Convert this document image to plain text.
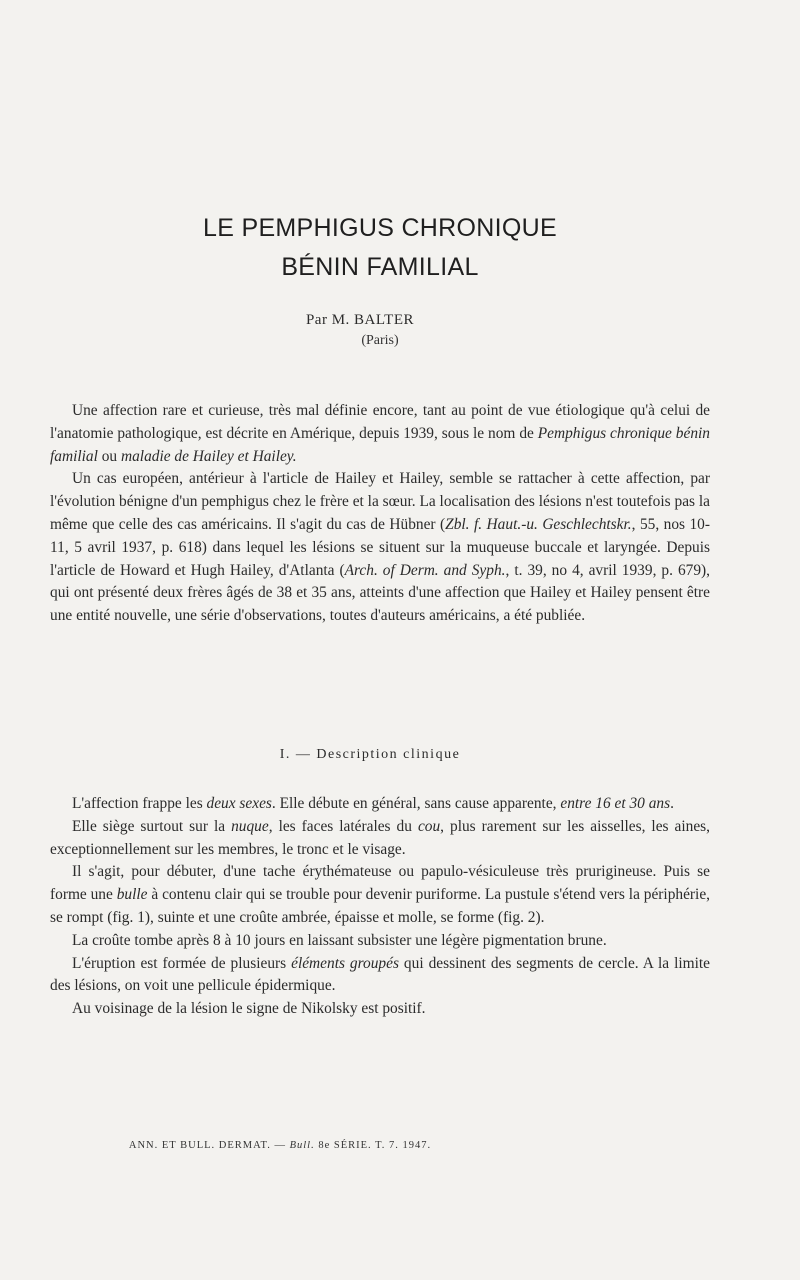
LE PEMPHIGUS CHRONIQUE
BÉNIN FAMILIAL
Par M. BALTER
(Paris)

Une affection rare et curieuse, très mal définie encore, tant au point de vue étiologique qu'à celui de l'anatomie pathologique, est décrite en Amérique, depuis 1939, sous le nom de Pemphigus chronique bénin familial ou maladie de Hailey et Hailey.

Un cas européen, antérieur à l'article de Hailey et Hailey, semble se rattacher à cette affection, par l'évolution bénigne d'un pemphigus chez le frère et la sœur. La localisation des lésions n'est toutefois pas la même que celle des cas américains. Il s'agit du cas de Hübner (Zbl. f. Haut.-u. Geschlechtskr., 55, nos 10-11, 5 avril 1937, p. 618) dans lequel les lésions se situent sur la muqueuse buccale et laryngée. Depuis l'article de Howard et Hugh Hailey, d'Atlanta (Arch. of Derm. and Syph., t. 39, no 4, avril 1939, p. 679), qui ont présenté deux frères âgés de 38 et 35 ans, atteints d'une affection que Hailey et Hailey pensent être une entité nouvelle, une série d'observations, toutes d'auteurs américains, a été publiée.

I. — Description clinique

L'affection frappe les deux sexes. Elle débute en général, sans cause apparente, entre 16 et 30 ans.

Elle siège surtout sur la nuque, les faces latérales du cou, plus rarement sur les aisselles, les aines, exceptionnellement sur les membres, le tronc et le visage.

Il s'agit, pour débuter, d'une tache érythémateuse ou papulo-vésiculeuse très prurigineuse. Puis se forme une bulle à contenu clair qui se trouble pour devenir puriforme. La pustule s'étend vers la périphérie, se rompt (fig. 1), suinte et une croûte ambrée, épaisse et molle, se forme (fig. 2).

La croûte tombe après 8 à 10 jours en laissant subsister une légère pigmentation brune.

L'éruption est formée de plusieurs éléments groupés qui dessinent des segments de cercle. A la limite des lésions, on voit une pellicule épidermique.

Au voisinage de la lésion le signe de Nikolsky est positif.

ANN. ET BULL. DERMAT. — Bull. 8e SÉRIE. T. 7. 1947.
